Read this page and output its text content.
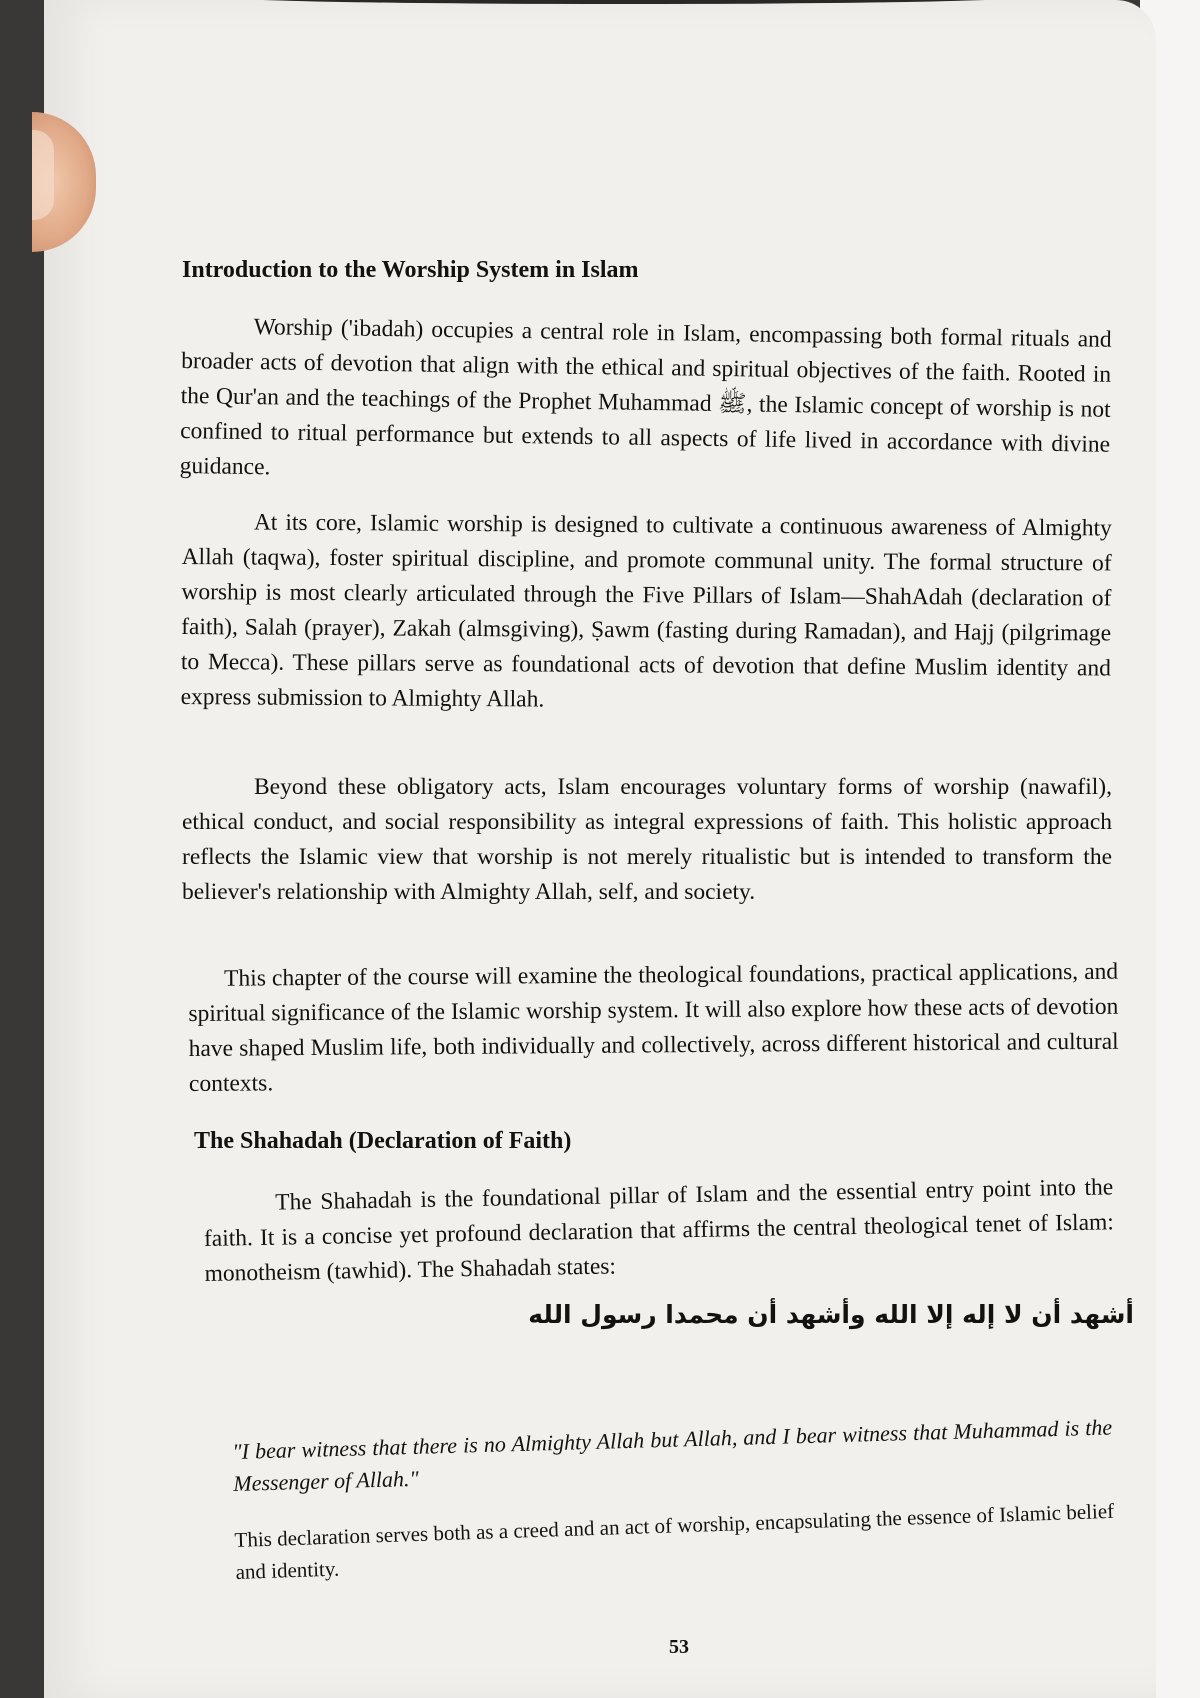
Introduction to the Worship System in Islam

Worship ('ibadah) occupies a central role in Islam, encompassing both formal rituals and broader acts of devotion that align with the ethical and spiritual objectives of the faith. Rooted in the Qur'an and the teachings of the Prophet Muhammad ﷺ, the Islamic concept of worship is not confined to ritual performance but extends to all aspects of life lived in accordance with divine guidance.

At its core, Islamic worship is designed to cultivate a continuous awareness of Almighty Allah (taqwa), foster spiritual discipline, and promote communal unity. The formal structure of worship is most clearly articulated through the Five Pillars of Islam—ShahAdah (declaration of faith), Salah (prayer), Zakah (almsgiving), Ṣawm (fasting during Ramadan), and Hajj (pilgrimage to Mecca). These pillars serve as foundational acts of devotion that define Muslim identity and express submission to Almighty Allah.

Beyond these obligatory acts, Islam encourages voluntary forms of worship (nawafil), ethical conduct, and social responsibility as integral expressions of faith. This holistic approach reflects the Islamic view that worship is not merely ritualistic but is intended to transform the believer's relationship with Almighty Allah, self, and society.

This chapter of the course will examine the theological foundations, practical applications, and spiritual significance of the Islamic worship system. It will also explore how these acts of devotion have shaped Muslim life, both individually and collectively, across different historical and cultural contexts.

The Shahadah (Declaration of Faith)

The Shahadah is the foundational pillar of Islam and the essential entry point into the faith. It is a concise yet profound declaration that affirms the central theological tenet of Islam: monotheism (tawhid). The Shahadah states:

أشهد أن لا إله إلا الله وأشهد أن محمدا رسول الله

"I bear witness that there is no Almighty Allah but Allah, and I bear witness that Muhammad is the Messenger of Allah."

This declaration serves both as a creed and an act of worship, encapsulating the essence of Islamic belief and identity.

53
